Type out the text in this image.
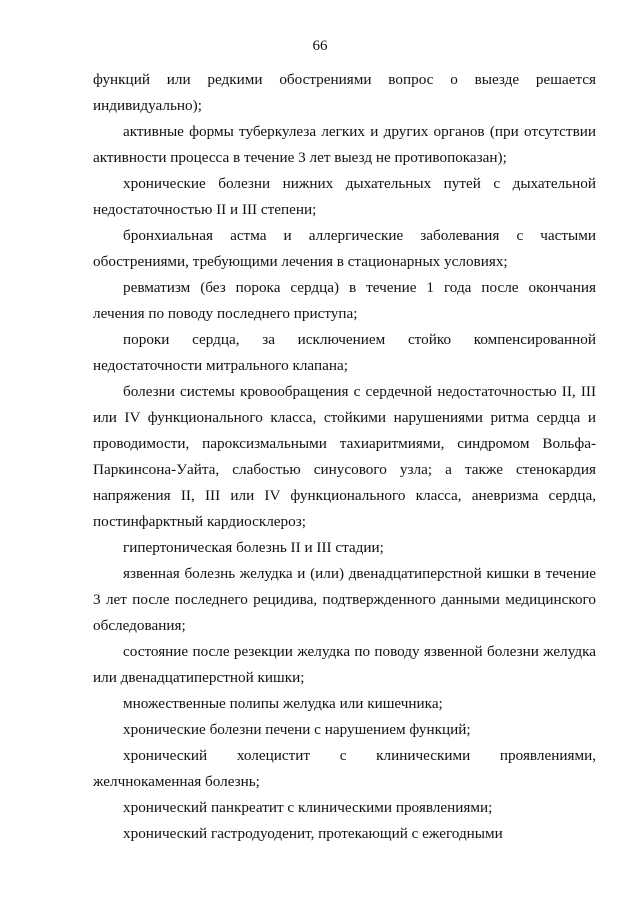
66

функций или редкими обострениями вопрос о выезде решается индивидуально);

активные формы туберкулеза легких и других органов (при отсутствии активности процесса в течение 3 лет выезд не противопоказан);

хронические болезни нижних дыхательных путей с дыхательной недостаточностью II и III степени;

бронхиальная астма и аллергические заболевания с частыми обострениями, требующими лечения в стационарных условиях;

ревматизм (без порока сердца) в течение 1 года после окончания лечения по поводу последнего приступа;

пороки сердца, за исключением стойко компенсированной недостаточности митрального клапана;

болезни системы кровообращения с сердечной недостаточностью II, III или IV функционального класса, стойкими нарушениями ритма сердца и проводимости, пароксизмальными тахиаритмиями, синдромом Вольфа-Паркинсона-Уайта, слабостью синусового узла; а также стенокардия напряжения II, III или IV функционального класса, аневризма сердца, постинфарктный кардиосклероз;

гипертоническая болезнь II и III стадии;

язвенная болезнь желудка и (или) двенадцатиперстной кишки в течение 3 лет после последнего рецидива, подтвержденного данными медицинского обследования;

состояние после резекции желудка по поводу язвенной болезни желудка или двенадцатиперстной кишки;

множественные полипы желудка или кишечника;

хронические болезни печени с нарушением функций;

хронический холецистит с клиническими проявлениями, желчнокаменная болезнь;

хронический панкреатит с клиническими проявлениями;

хронический гастродуоденит, протекающий с ежегодными
